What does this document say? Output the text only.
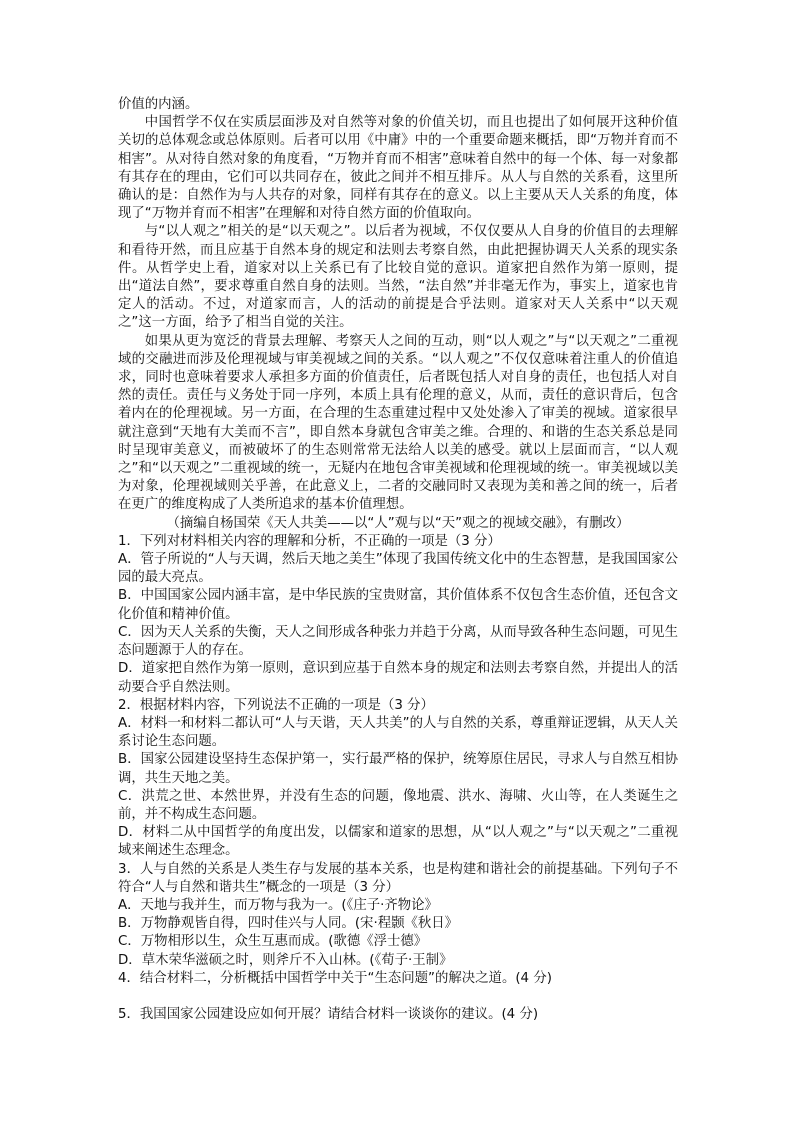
价值的内涵。

中国哲学不仅在实质层面涉及对自然等对象的价值关切，而且也提出了如何展开这种价值关切的总体观念或总体原则。后者可以用《中庸》中的一个重要命题来概括，即“万物并育而不相害”。从对待自然对象的角度看，“万物并育而不相害”意味着自然中的每一个体、每一对象都有其存在的理由，它们可以共同存在，彼此之间并不相互排斥。从人与自然的关系看，这里所确认的是：自然作为与人共存的对象，同样有其存在的意义。以上主要从天人关系的角度，体现了“万物并育而不相害”在理解和对待自然方面的价值取向。

与“以人观之”相关的是“以天观之”。以后者为视域，不仅仅要从人自身的价值目的去理解和看待开然，而且应基于自然本身的规定和法则去考察自然，由此把握协调天人关系的现实条件。从哲学史上看，道家对以上关系已有了比较自觉的意识。道家把自然作为第一原则，提出“道法自然”，要求尊重自然自身的法则。当然，“法自然”并非毫无作为，事实上，道家也肯定人的活动。不过，对道家而言，人的活动的前提是合乎法则。道家对天人关系中“以天观之”这一方面，给予了相当自觉的关注。

如果从更为宽泛的背景去理解、考察天人之间的互动，则“以人观之”与“以天观之”二重视域的交融进而涉及伦理视域与审美视域之间的关系。“以人观之”不仅仅意味着注重人的价值追求，同时也意味着要求人承担多方面的价值责任，后者既包括人对自身的责任，也包括人对自然的责任。责任与义务处于同一序列，本质上具有伦理的意义，从而，责任的意识背后，包含着内在的伦理视域。另一方面，在合理的生态重建过程中又处处渗入了审美的视域。道家很早就注意到“天地有大美而不言”，即自然本身就包含审美之维。合理的、和谐的生态关系总是同时呈现审美意义，而被破坏了的生态则常常无法给人以美的感受。就以上层面而言，“以人观之”和“以天观之”二重视域的统一，无疑内在地包含审美视域和伦理视域的统一。审美视域以美为对象，伦理视域则关乎善，在此意义上，二者的交融同时又表现为美和善之间的统一，后者在更广的维度构成了人类所追求的基本价值理想。

（摘编自杨国荣《天人共美——以“人”观与以“天”观之的视域交融》，有删改）

1．下列对材料相关内容的理解和分析，不正确的一项是（3 分）

A．管子所说的“人与天调，然后天地之美生”体现了我国传统文化中的生态智慧，是我国国家公园的最大亮点。

B．中国国家公园内涵丰富，是中华民族的宝贵财富，其价值体系不仅包含生态价值，还包含文化价值和精神价值。

C．因为天人关系的失衡，天人之间形成各种张力并趋于分离，从而导致各种生态问题，可见生态问题源于人的存在。

D．道家把自然作为第一原则，意识到应基于自然本身的规定和法则去考察自然，并提出人的活动要合乎自然法则。

2．根据材料内容，下列说法不正确的一项是（3 分）

A．材料一和材料二都认可“人与天谐，天人共美”的人与自然的关系，尊重辩证逻辑，从天人关系讨论生态问题。

B．国家公园建设坚持生态保护第一，实行最严格的保护，统筹原住居民，寻求人与自然互相协调，共生天地之美。

C．洪荒之世、本然世界，并没有生态的问题，像地震、洪水、海啸、火山等，在人类诞生之前，并不构成生态问题。

D．材料二从中国哲学的角度出发，以儒家和道家的思想，从“以人观之”与“以天观之”二重视域来阐述生态理念。

3．人与自然的关系是人类生存与发展的基本关系，也是构建和谐社会的前提基础。下列句子不符合“人与自然和谐共生”概念的一项是（3 分）

A．天地与我并生，而万物与我为一。(《庄子·齐物论》

B．万物静观皆自得，四时佳兴与人同。(宋·程颢《秋日》

C．万物相形以生，众生互惠而成。(歌德《浮士德》

D．草木荣华滋硕之时，则斧斤不入山林。(《荀子·王制》

4．结合材料二，分析概括中国哲学中关于“生态问题”的解决之道。(4 分)

5．我国国家公园建设应如何开展？请结合材料一谈谈你的建议。(4 分)
